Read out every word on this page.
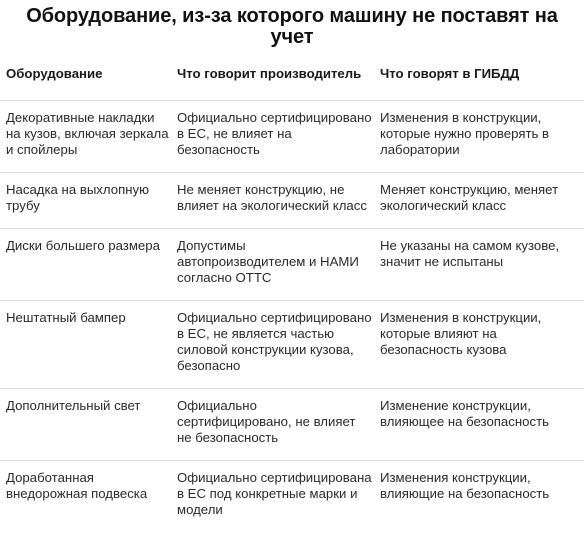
Оборудование, из-за которого машину не поставят на учет
Оборудование	Что говорит производитель	Что говорят в ГИБДД
Декоративные накладки на кузов, включая зеркала и спойлеры	Официально сертифицировано в ЕС, не влияет на безопасность	Изменения в конструкции, которые нужно проверять в лаборатории
Насадка на выхлопную трубу	Не меняет конструкцию, не влияет на экологический класс	Меняет конструкцию, меняет экологический класс
Диски большего размера	Допустимы автопроизводителем и НАМИ согласно ОТТС	Не указаны на самом кузове, значит не испытаны
Нештатный бампер	Официально сертифицировано в ЕС, не является частью силовой конструкции кузова, безопасно	Изменения в конструкции, которые влияют на безопасность кузова
Дополнительный свет	Официально сертифицировано, не влияет не безопасность	Изменение конструкции, влияющее на безопасность
Доработанная внедорожная подвеска	Официально сертифицирована в ЕС под конкретные марки и модели	Изменения конструкции, влияющие на безопасность
